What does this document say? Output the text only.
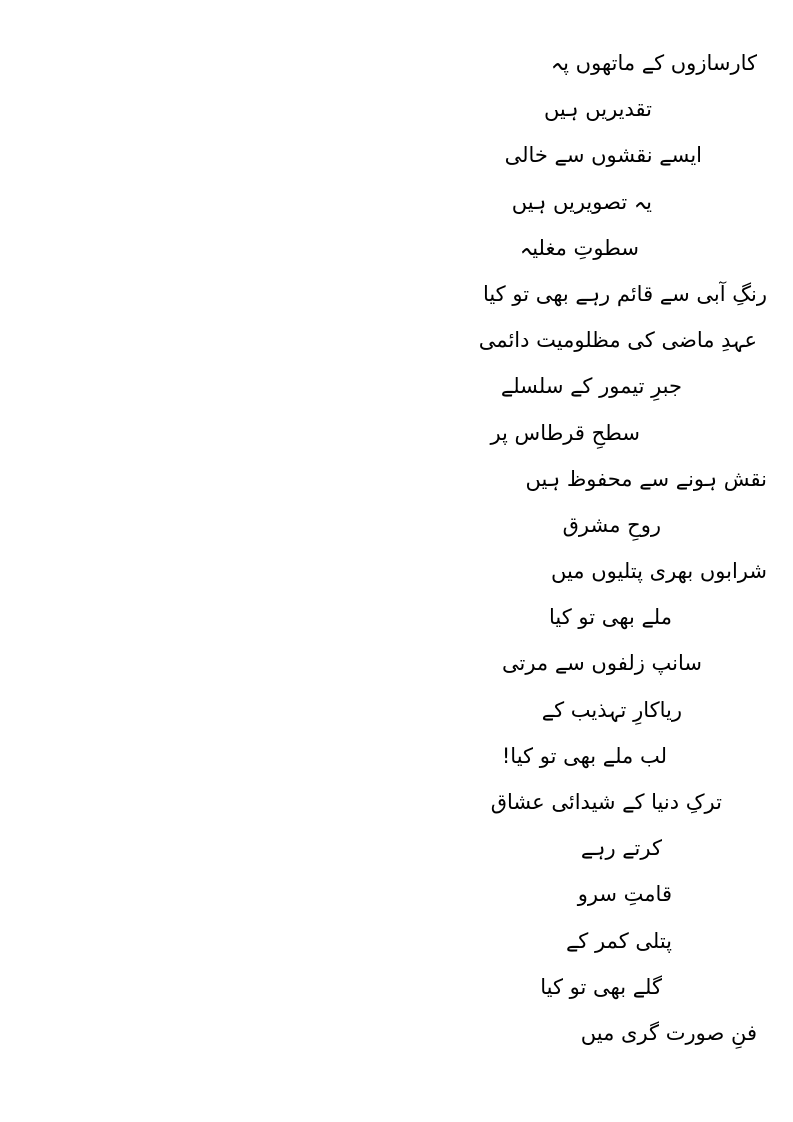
کارسازوں کے ماتھوں پہ
تقدیریں ہیں
ایسے نقشوں سے خالی
یہ تصویریں ہیں
سطوتِ مغلیہ
رنگِ آبی سے قائم رہے بھی تو کیا
عہدِ ماضی کی مظلومیت دائمی
جبرِ تیمور کے سلسلے
سطحِ قرطاس پر
نقش ہونے سے محفوظ ہیں
روحِ مشرق
شرابوں بھری پتلیوں میں
ملے بھی تو کیا
سانپ زلفوں سے مرتی
ریاکارِ تہذیب کے
لب ملے بھی تو کیا!
ترکِ دنیا کے شیدائی عشاق
کرتے رہے
قامتِ سرو
پتلی کمر کے
گلے بھی تو کیا
فنِ صورت گری میں
